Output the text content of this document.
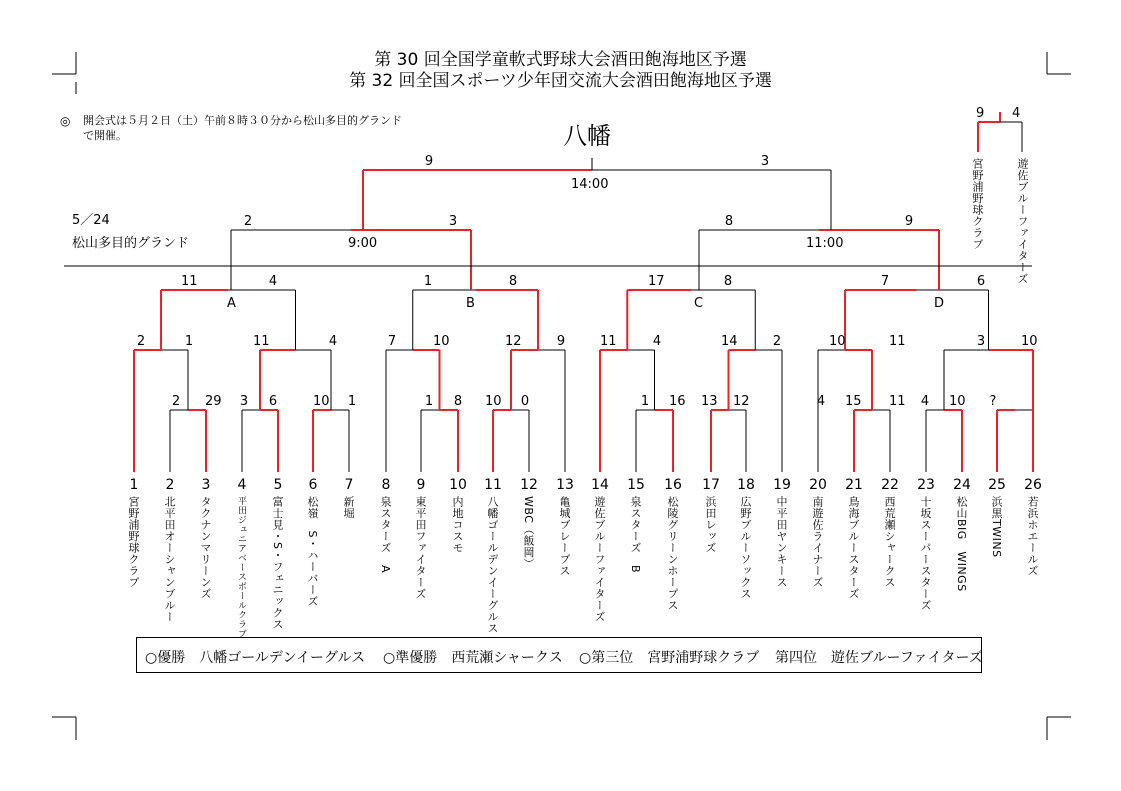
第 30 回全国学童軟式野球大会酒田飽海地区予選
第 32 回全国スポーツ少年団交流大会酒田飽海地区予選
◎ 開会式は５月２日（土）午前８時３０分から松山多目的グランド
で開催。	八幡
5／24
松山多目的グランド
14:00
9:00	11:00
A	B	C	D
9	3
2	3	8	9
11	4	1	8	17	8	7	6
2	1	11	4	7	10	12	9	11	4	14	2	10	11	3	10
2 29 3 6	10 1	1 8 10 0	1 16 13 12	4 15 11 4 10	?
1
宮野浦野球クラブ
2
北平田オーシャンブルー
3
タクナンマリーンズ
4
平田ジュニアベースボールクラブ
5
富士見・S・フェニックス
6
松嶺　S・ハーバーズ
7
新堀
8
泉スターズ　A
9
東平田ファイターズ
10
内地コスモ
11
八幡ゴールデンイーグルス
12
WBC（飯岡）
13
亀城ブレーブス
14
遊佐ブルーファイターズ
15
泉スターズ　B
16
松陵グリーンホープス
17
浜田レッズ
18
広野ブルーソックス
19
中平田ヤンキース
20
南遊佐ライナーズ
21
鳥海ブルースターズ
22
西荒瀬シャークス
23
十坂スーパースターズ
24
松山BIG　WINGS
25
浜黒TWINS
26
若浜ホエールズ
9 4
宮野浦野球クラブ	遊佐ブルーファイターズ
○優勝　八幡ゴールデンイーグルス ○準優勝　西荒瀬シャークス ○第三位　宮野浦野球クラブ 第四位　遊佐ブルーファイターズ
